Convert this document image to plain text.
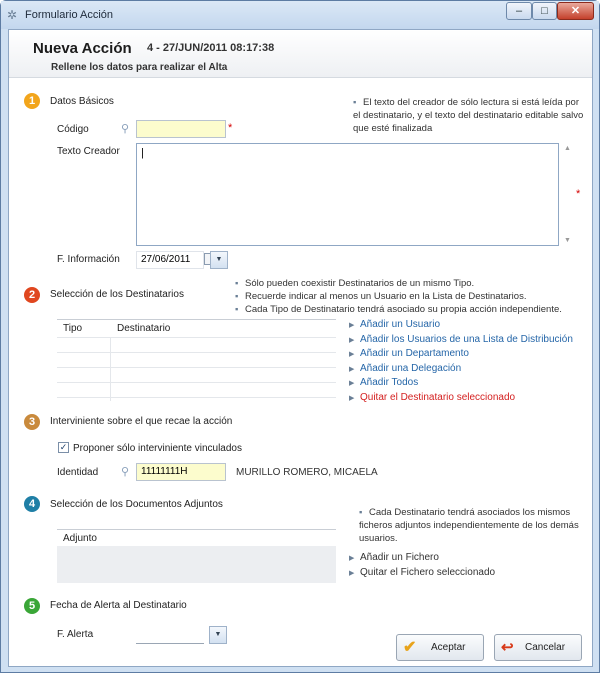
✲ Formulario Acción	–	□	✕
Nueva Acción 4 - 27/JUN/2011 08:17:38
Rellene los datos para realizar el Alta
1	Datos Básicos	▪ El texto del creador de sólo lectura si está leída por el destinatario, y el texto del destinatario editable salvo que esté finalizada
Código	⚲	*
Texto Creador |	▲
▼
*
F. Información	27/06/2011	▼
2	Selección de los Destinatarios
▪ Sólo pueden coexistir Destinatarios de un mismo Tipo.
▪ Recuerde indicar al menos un Usuario en la Lista de Destinatarios.
▪ Cada Tipo de Destinatario tendrá asociado su propia acción independiente.
Tipo	Destinatario	▶ Añadir un Usuario
▶ Añadir los Usuarios de una Lista de Distribución
▶ Añadir un Departamento
▶ Añadir una Delegación
▶ Añadir Todos
▶ Quitar el Destinatario seleccionado
3	Interviniente sobre el que recae la acción
✓ Proponer sólo interviniente vinculados
Identidad ⚲	11111111H	MURILLO ROMERO, MICAELA
4	Selección de los Documentos Adjuntos
▪ Cada Destinatario tendrá asociados los mismos ficheros adjuntos independientemente de los demás usuarios.
Adjunto
▶ Añadir un Fichero
▶ Quitar el Fichero seleccionado
5	Fecha de Alerta al Destinatario
F. Alerta	▼
✔ Aceptar ↩ Cancelar
